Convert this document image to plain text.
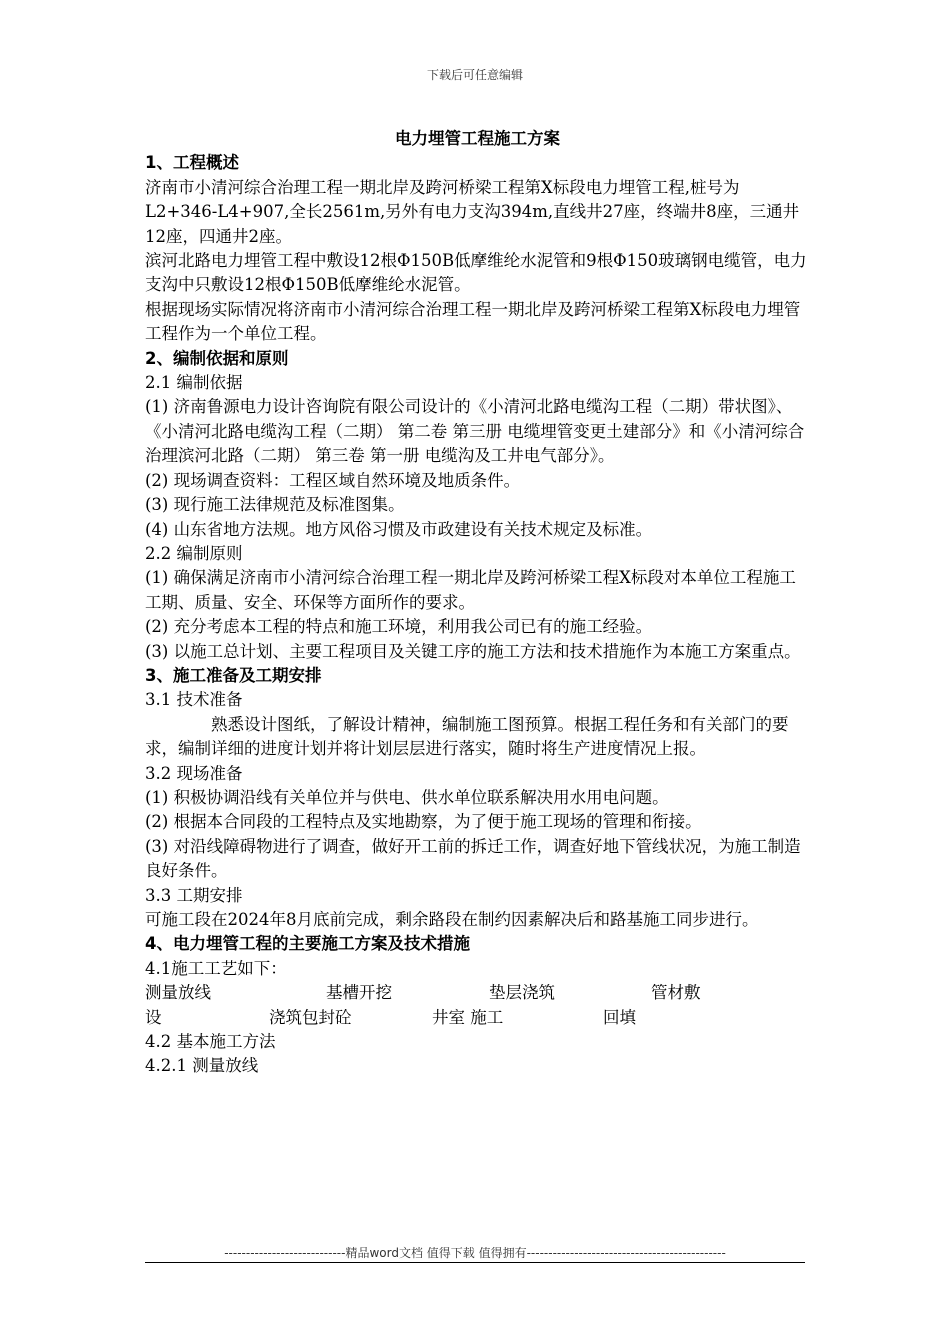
下载后可任意编辑
电力埋管工程施工方案
1、工程概述

济南市小清河综合治理工程一期北岸及跨河桥梁工程第X标段电力埋管工程,桩号为L2+346-L4+907,全长2561m,另外有电力支沟394m,直线井27座，终端井8座，三通井12座，四通井2座。

滨河北路电力埋管工程中敷设12根Φ150B低摩维纶水泥管和9根Φ150玻璃钢电缆管，电力支沟中只敷设12根Φ150B低摩维纶水泥管。

根据现场实际情况将济南市小清河综合治理工程一期北岸及跨河桥梁工程第X标段电力埋管工程作为一个单位工程。

2、编制依据和原则

2.1 编制依据

(1) 济南鲁源电力设计咨询院有限公司设计的《小清河北路电缆沟工程（二期）带状图》、《小清河北路电缆沟工程（二期） 第二卷 第三册 电缆埋管变更土建部分》和《小清河综合治理滨河北路（二期） 第三卷 第一册 电缆沟及工井电气部分》。

(2) 现场调查资料：工程区域自然环境及地质条件。

(3) 现行施工法律规范及标准图集。

(4) 山东省地方法规。地方风俗习惯及市政建设有关技术规定及标准。

2.2 编制原则

(1) 确保满足济南市小清河综合治理工程一期北岸及跨河桥梁工程X标段对本单位工程施工工期、质量、安全、环保等方面所作的要求。

(2) 充分考虑本工程的特点和施工环境，利用我公司已有的施工经验。

(3) 以施工总计划、主要工程项目及关键工序的施工方法和技术措施作为本施工方案重点。

3、施工准备及工期安排

3.1 技术准备

熟悉设计图纸，了解设计精神，编制施工图预算。根据工程任务和有关部门的要求，编制详细的进度计划并将计划层层进行落实，随时将生产进度情况上报。

3.2 现场准备

(1) 积极协调沿线有关单位并与供电、供水单位联系解决用水用电问题。

(2) 根据本合同段的工程特点及实地勘察，为了便于施工现场的管理和衔接。

(3) 对沿线障碍物进行了调查，做好开工前的拆迁工作，调查好地下管线状况，为施工制造良好条件。

3.3 工期安排

可施工段在2024年8月底前完成，剩余路段在制约因素解决后和路基施工同步进行。

4、电力埋管工程的主要施工方案及技术措施

4.1施工工艺如下：

测量放线	基槽开挖	垫层浇筑	管材敷
设	浇筑包封砼	井室 施工	回填

4.2 基本施工方法

4.2.1 测量放线

----------------------------精品word文档 值得下载 值得拥有----------------------------------------------
